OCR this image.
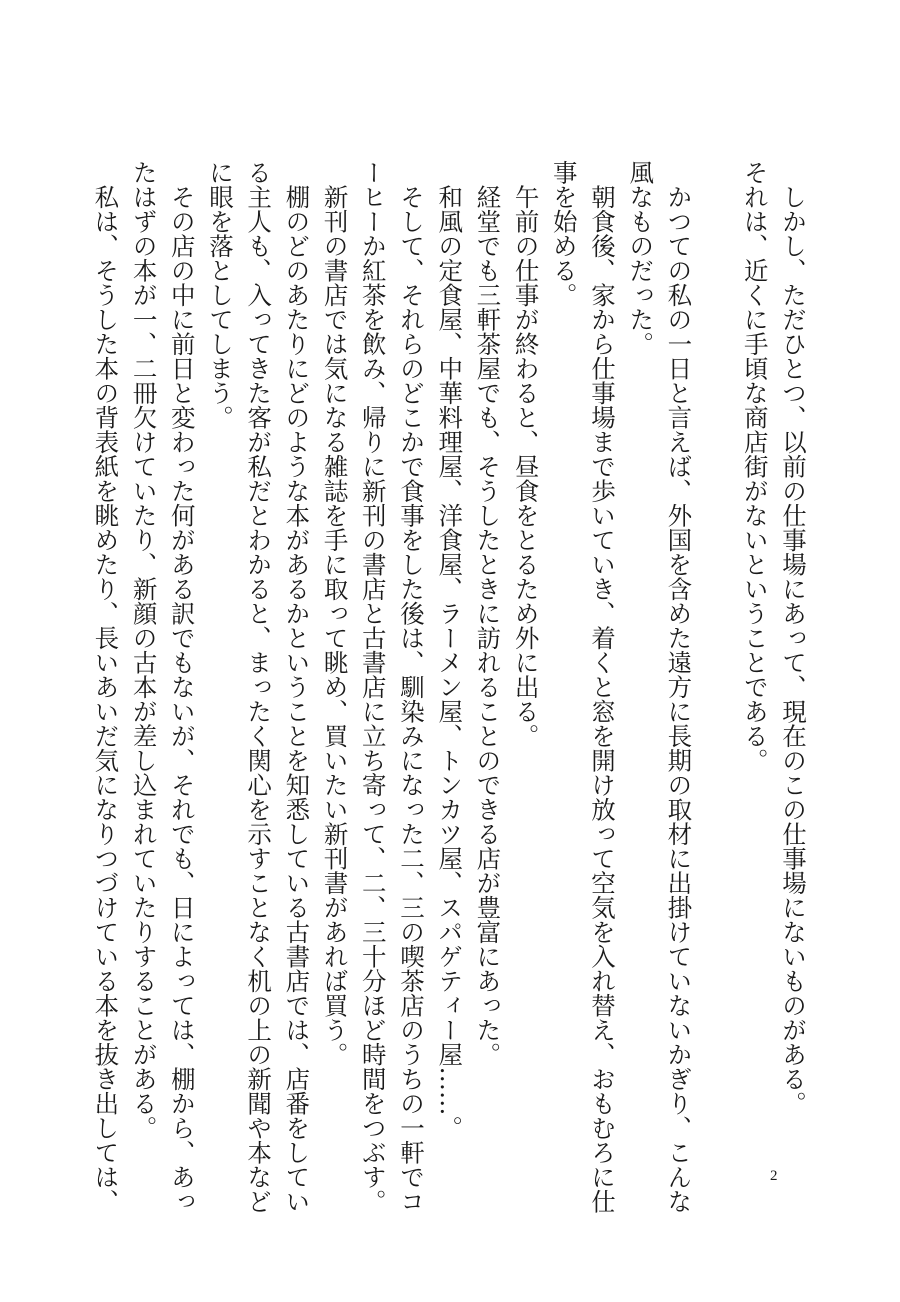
　しかし、ただひとつ、以前の仕事場にあって、現在のこの仕事場にないものがある。
それは、近くに手頃な商店街がないということである。
　かつての私の一日と言えば、外国を含めた遠方に長期の取材に出掛けていないかぎり、こんな
風なものだった。
　朝食後、家から仕事場まで歩いていき、着くと窓を開け放って空気を入れ替え、おもむろに仕
事を始める。
　午前の仕事が終わると、昼食をとるため外に出る。
　経堂でも三軒茶屋でも、そうしたときに訪れることのできる店が豊富にあった。
　和風の定食屋、中華料理屋、洋食屋、ラーメン屋、トンカツ屋、スパゲティー屋……。
　そして、それらのどこかで食事をした後は、馴染みになった二、三の喫茶店のうちの一軒でコ
ーヒーか紅茶を飲み、帰りに新刊の書店と古書店に立ち寄って、二、三十分ほど時間をつぶす。
　新刊の書店では気になる雑誌を手に取って眺め、買いたい新刊書があれば買う。
　棚のどのあたりにどのような本があるかということを知悉している古書店では、店番をしてい
る主人も、入ってきた客が私だとわかると、まったく関心を示すことなく机の上の新聞や本など
に眼を落としてしまう。
　その店の中に前日と変わった何がある訳でもないが、それでも、日によっては、棚から、あっ
たはずの本が一、二冊欠けていたり、新顔の古本が差し込まれていたりすることがある。
　私は、そうした本の背表紙を眺めたり、長いあいだ気になりつづけている本を抜き出しては、	2
